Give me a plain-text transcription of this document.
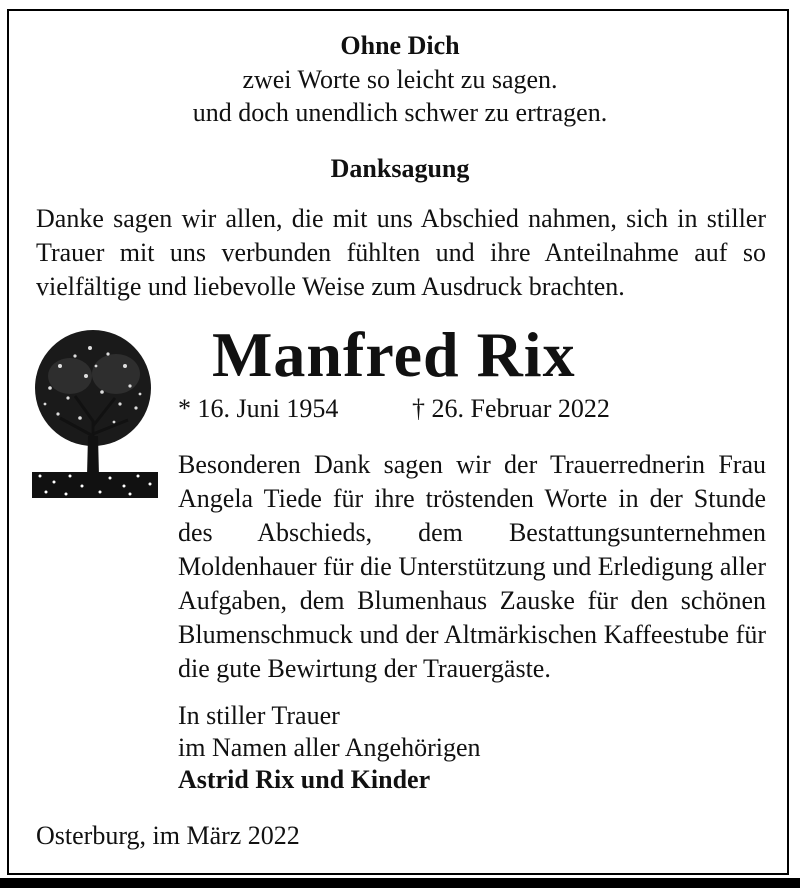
Ohne Dich
zwei Worte so leicht zu sagen.
und doch unendlich schwer zu ertragen.
Danksagung
Danke sagen wir allen, die mit uns Abschied nahmen, sich in stiller Trauer mit uns verbunden fühlten und ihre Anteilnahme auf so vielfältige und liebevolle Weise zum Ausdruck brachten.
Manfred Rix
* 16. Juni 1954	† 26. Februar 2022
Besonderen Dank sagen wir der Trauerrednerin Frau Angela Tiede für ihre tröstenden Worte in der Stunde des Abschieds, dem Bestattungsunternehmen Moldenhauer für die Unterstützung und Erledigung aller Aufgaben, dem Blumenhaus Zauske für den schönen Blumenschmuck und der Altmärkischen Kaffeestube für die gute Bewirtung der Trauergäste.
In stiller Trauer
im Namen aller Angehörigen
Astrid Rix und Kinder
Osterburg, im März 2022
